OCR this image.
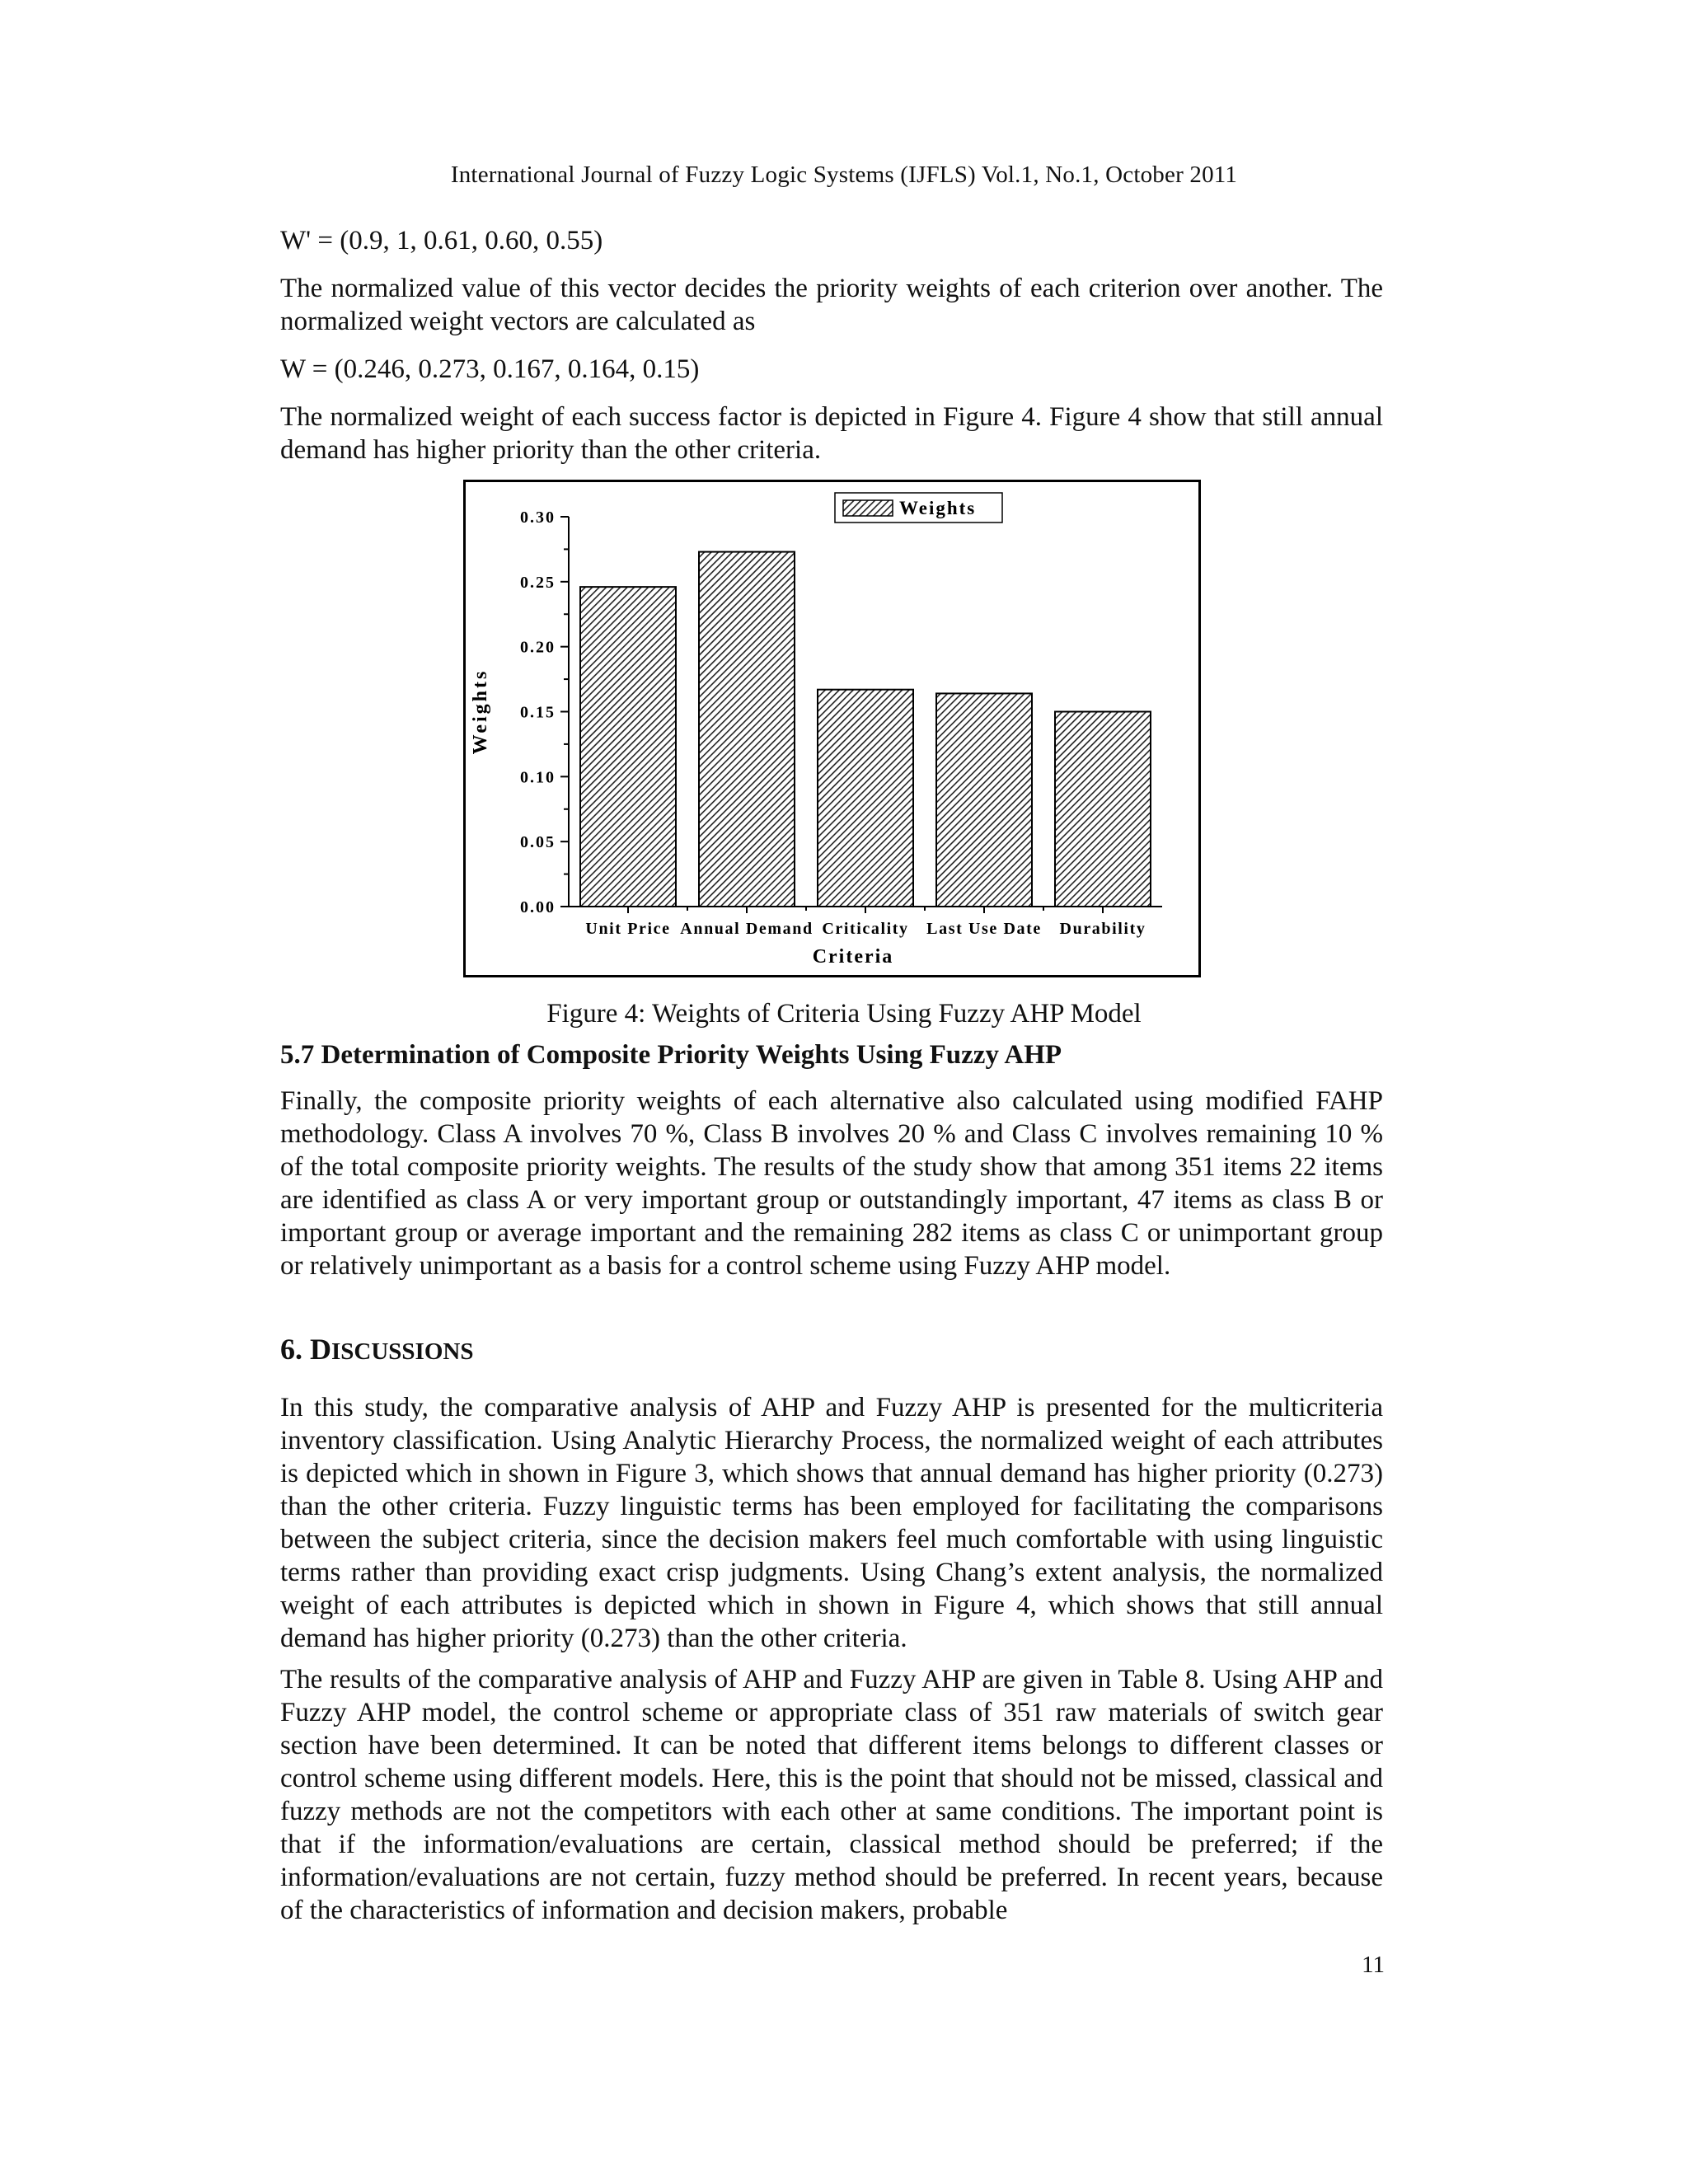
International Journal of Fuzzy Logic Systems (IJFLS) Vol.1, No.1, October 2011

W' = (0.9, 1, 0.61, 0.60, 0.55)

The normalized value of this vector decides the priority weights of each criterion over another. The normalized weight vectors are calculated as

W = (0.246, 0.273, 0.167, 0.164, 0.15)

The normalized weight of each success factor is depicted in Figure 4. Figure 4 show that still annual demand has higher priority than the other criteria.

0.00
0.05
0.10
0.15
0.20
0.25
0.30
Unit Price Annual Demand Criticality Last Use Date Durability
Criteria
Weights
Weights
Figure 4: Weights of Criteria Using Fuzzy AHP Model

5.7 Determination of Composite Priority Weights Using Fuzzy AHP

Finally, the composite priority weights of each alternative also calculated using modified FAHP methodology. Class A involves 70 %, Class B involves 20 % and Class C involves remaining 10 % of the total composite priority weights. The results of the study show that among 351 items 22 items are identified as class A or very important group or outstandingly important, 47 items as class B or important group or average important and the remaining 282 items as class C or unimportant group or relatively unimportant as a basis for a control scheme using Fuzzy AHP model.

6. DISCUSSIONS

In this study, the comparative analysis of AHP and Fuzzy AHP is presented for the multicriteria inventory classification. Using Analytic Hierarchy Process, the normalized weight of each attributes is depicted which in shown in Figure 3, which shows that annual demand has higher priority (0.273) than the other criteria. Fuzzy linguistic terms has been employed for facilitating the comparisons between the subject criteria, since the decision makers feel much comfortable with using linguistic terms rather than providing exact crisp judgments. Using Chang’s extent analysis, the normalized weight of each attributes is depicted which in shown in Figure 4, which shows that still annual demand has higher priority (0.273) than the other criteria.

The results of the comparative analysis of AHP and Fuzzy AHP are given in Table 8. Using AHP and Fuzzy AHP model, the control scheme or appropriate class of 351 raw materials of switch gear section have been determined. It can be noted that different items belongs to different classes or control scheme using different models. Here, this is the point that should not be missed, classical and fuzzy methods are not the competitors with each other at same conditions. The important point is that if the information/evaluations are certain, classical method should be preferred; if the information/evaluations are not certain, fuzzy method should be preferred. In recent years, because of the characteristics of information and decision makers, probable

11
